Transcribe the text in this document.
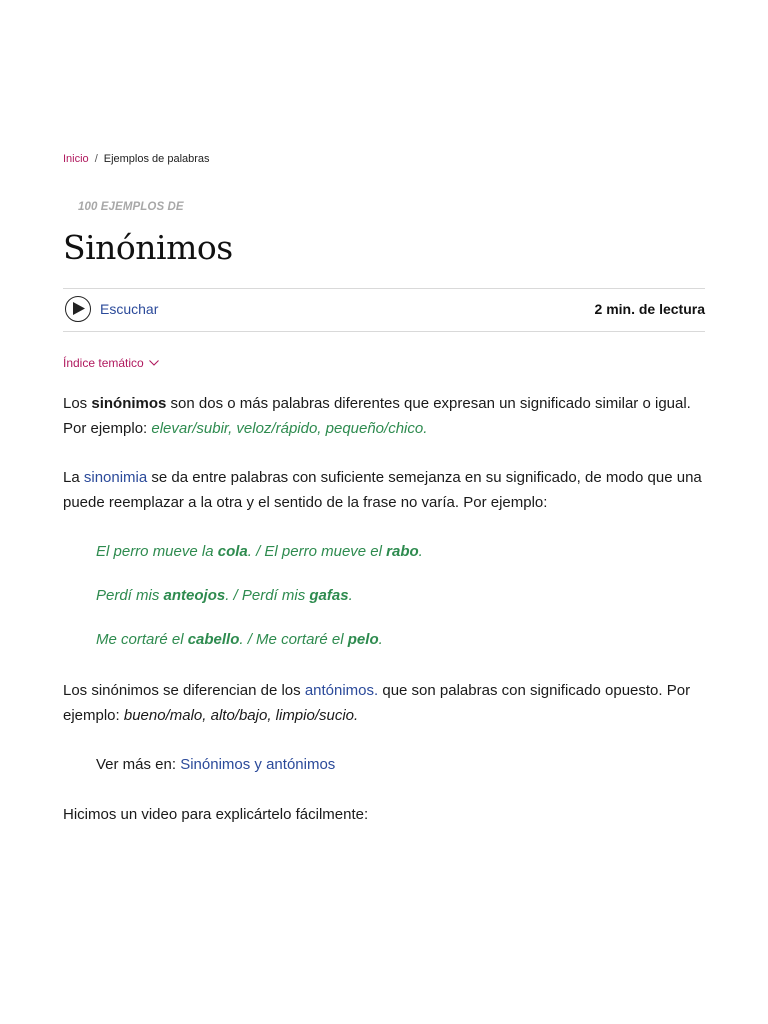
Inicio / Ejemplos de palabras
100 EJEMPLOS DE
Sinónimos
Escuchar	2 min. de lectura
Índice temático

Los sinónimos son dos o más palabras diferentes que expresan un significado similar o igual. Por ejemplo: elevar/subir, veloz/rápido, pequeño/chico.

La sinonimia se da entre palabras con suficiente semejanza en su significado, de modo que una puede reemplazar a la otra y el sentido de la frase no varía. Por ejemplo:

El perro mueve la cola. / El perro mueve el rabo.

Perdí mis anteojos. / Perdí mis gafas.

Me cortaré el cabello. / Me cortaré el pelo.

Los sinónimos se diferencian de los antónimos. que son palabras con significado opuesto. Por ejemplo: bueno/malo, alto/bajo, limpio/sucio.

Ver más en: Sinónimos y antónimos

Hicimos un video para explicártelo fácilmente:
